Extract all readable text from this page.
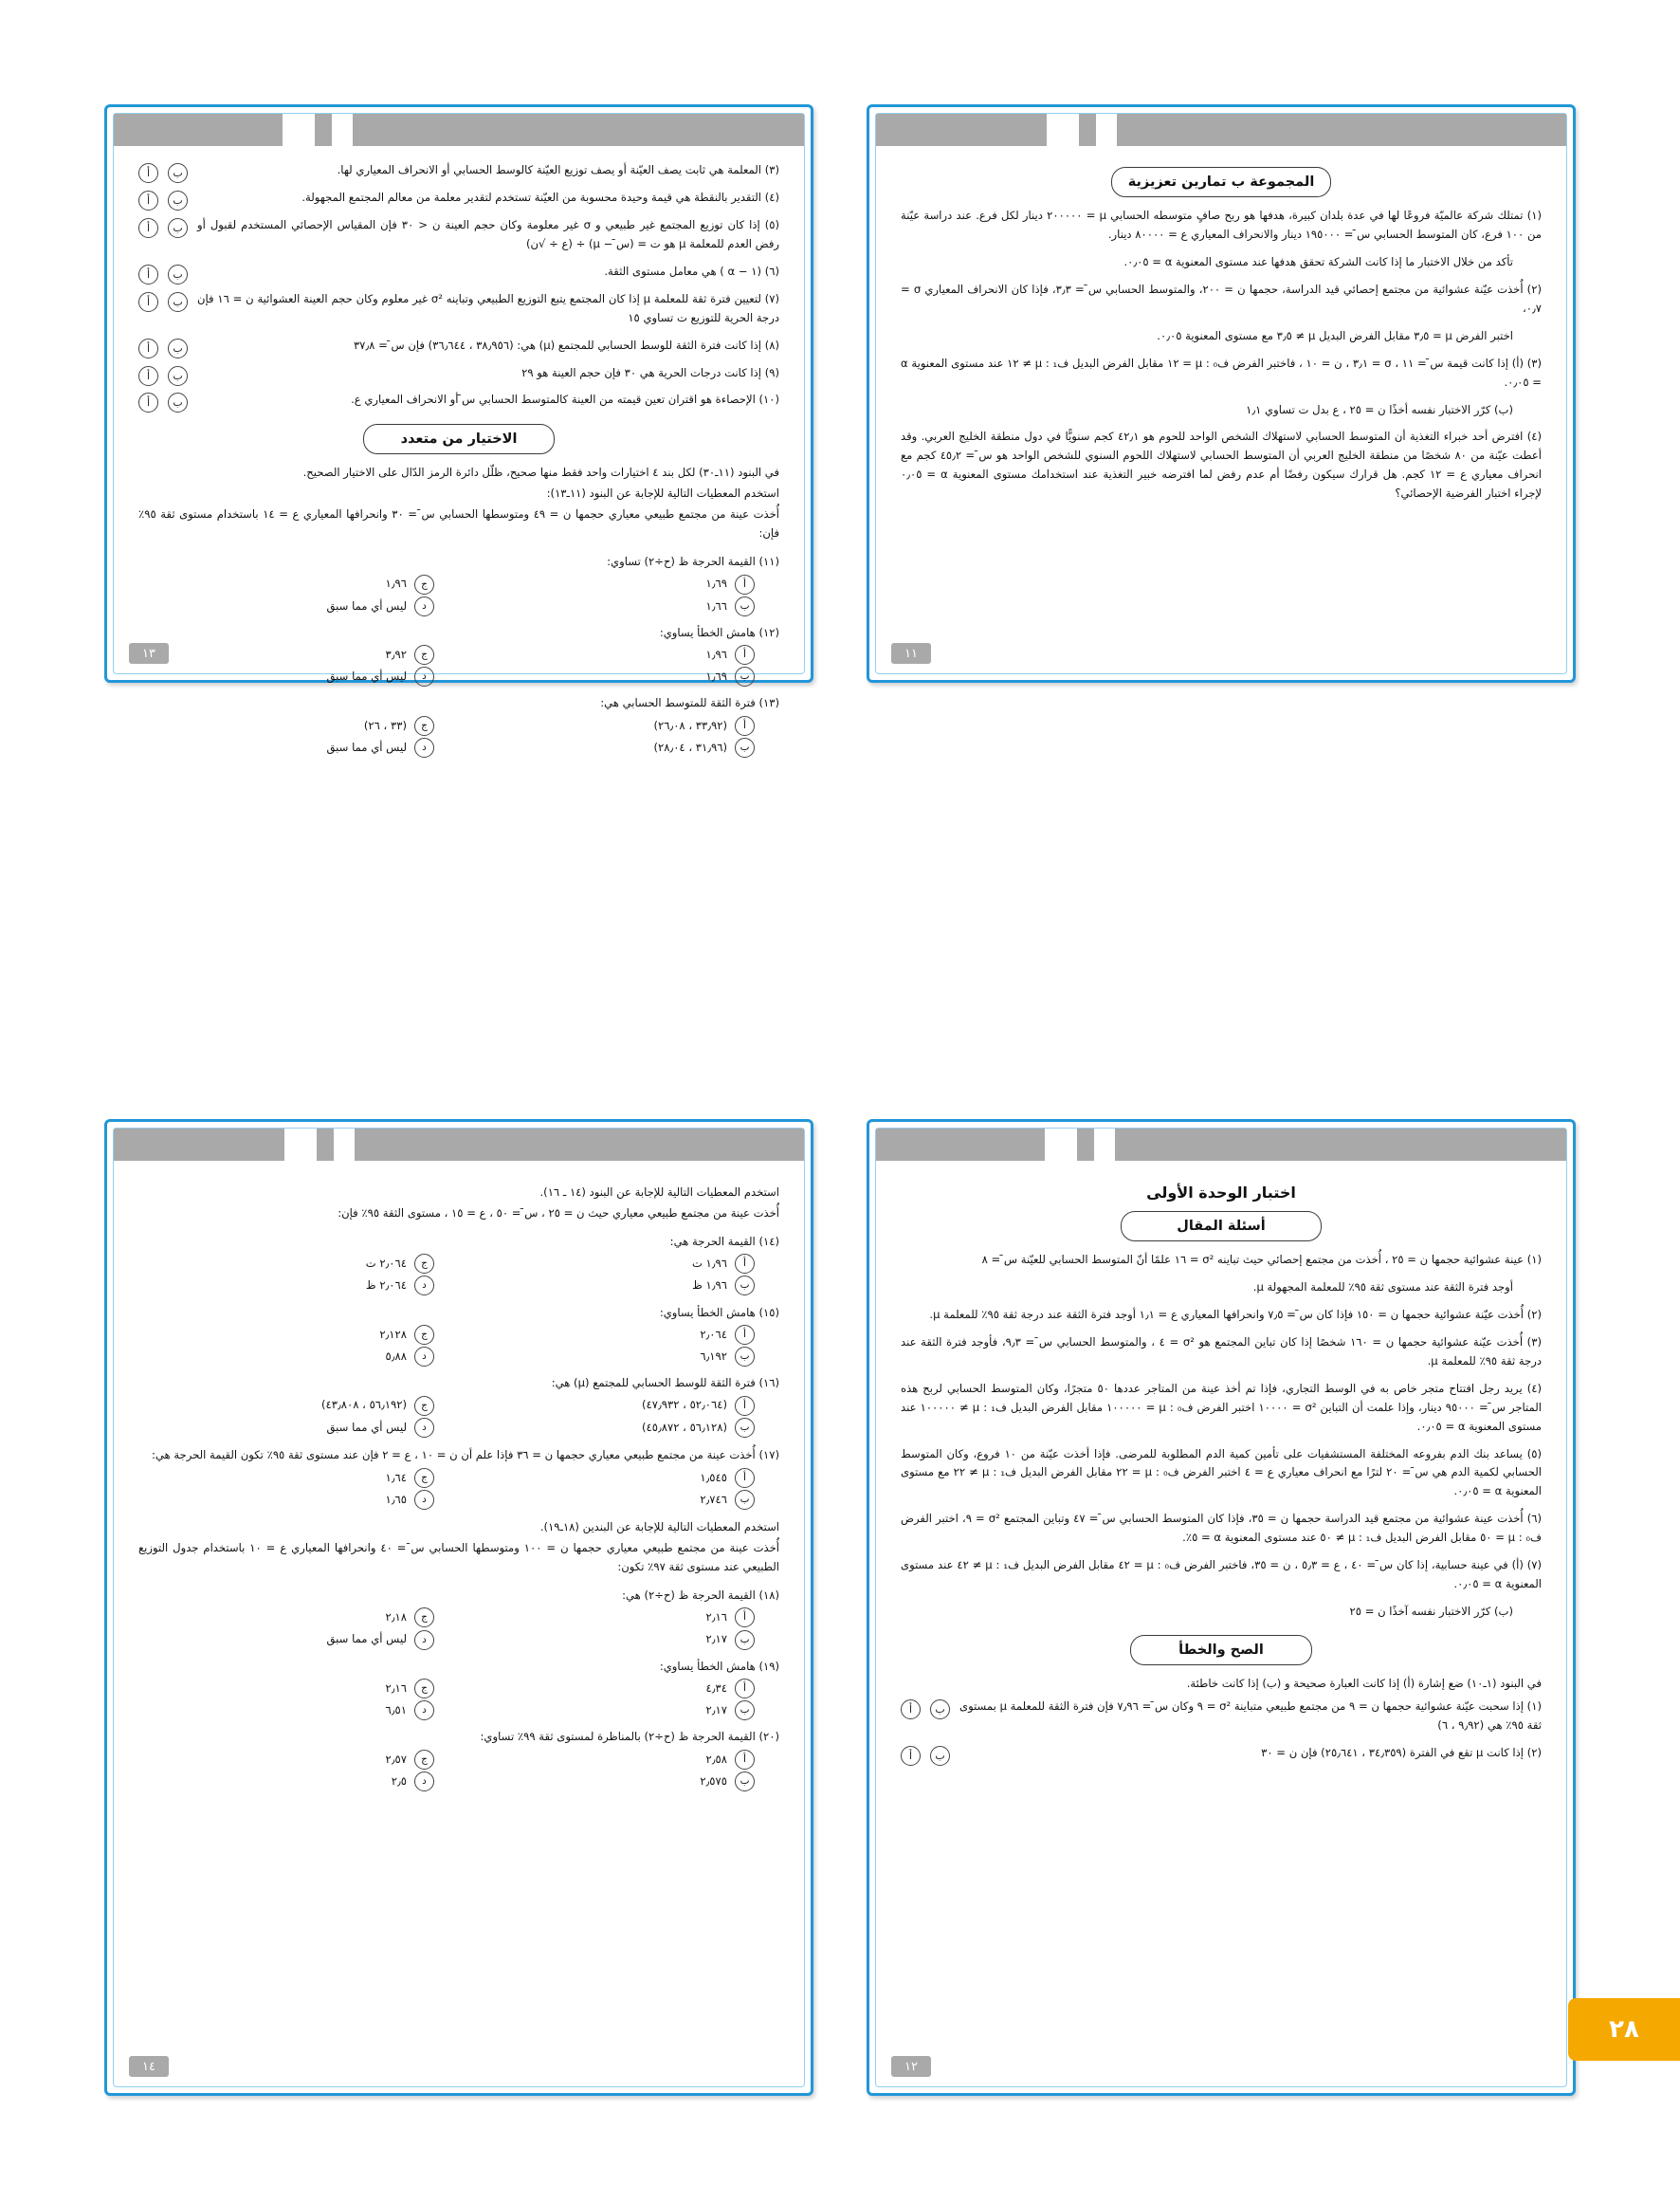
المجموعة ب تمارين تعزيزية

(١) تمتلك شركة عالميّة فروعًا لها في عدة بلدان كبيرة، هدفها هو ربح صافٍ متوسطه الحسابي μ = ٢٠٠٠٠٠ دينار لكل فرع. عند دراسة عيّنة من ١٠٠ فرع، كان المتوسط الحسابي س̄ = ١٩٥٠٠٠ دينار والانحراف المعياري ع = ٨٠٠٠٠ دينار.

تأكد من خلال الاختبار ما إذا كانت الشركة تحقق هدفها عند مستوى المعنوية α = ٠٫٠٥.

(٢) أُخذت عيّنة عشوائية من مجتمع إحصائي قيد الدراسة، حجمها ن = ٢٠٠، والمتوسط الحسابي س̄ = ٣٫٣، فإذا كان الانحراف المعياري σ = ٠٫٧،

اختبر الفرض μ = ٣٫٥ مقابل الفرض البديل μ ≠ ٣٫٥ مع مستوى المعنوية ٠٫٠٥.

(٣) (أ) إذا كانت قيمة س̄ = ١١ ، σ = ٣٫١ ، ن = ١٠ ، فاختبر الفرض ف₀ : μ = ١٢ مقابل الفرض البديل ف₁ : μ ≠ ١٢ عند مستوى المعنوية α = ٠٫٠٥.

(ب) كرّر الاختبار نفسه أخذًا ن = ٢٥ ، ع بدل ت تساوي ١٫١

(٤) افترض أحد خبراء التغذية أن المتوسط الحسابي لاستهلاك الشخص الواحد للحوم هو ٤٢٫١ كجم سنويًّا في دول منطقة الخليج العربي. وقد أعطت عيّنة من ٨٠ شخصًا من منطقة الخليج العربي أن المتوسط الحسابي لاستهلاك اللحوم السنوي للشخص الواحد هو س̄ = ٤٥٫٢ كجم مع انحراف معياري ع = ١٢ كجم. هل قرارك سيكون رفضًا أم عدم رفض لما افترضه خبير التغذية عند استخدامك مستوى المعنوية α = ٠٫٠٥ لإجراء اختبار الفرضية الإحصائي؟

١١
(٣) المعلمة هي ثابت يصف العيّنة أو يصف توزيع العيّنة كالوسط الحسابي أو الانحراف المعياري لها.
ب
أ
(٤) التقدير بالنقطة هي قيمة وحيدة محسوبة من العيّنة تستخدم لتقدير معلمة من معالم المجتمع المجهولة.
ب
أ
(٥) إذا كان توزيع المجتمع غير طبيعي و σ غير معلومة وكان حجم العينة ن < ٣٠ فإن المقياس الإحصائي المستخدم لقبول أو رفض العدم للمعلمة μ هو ت = (س̄ − μ) ÷ (ع ÷ √ن)
ب
أ
(٦) (١ − α ) هي معامل مستوى الثقة.
ب
أ
(٧) لتعيين فترة ثقة للمعلمة μ إذا كان المجتمع يتبع التوزيع الطبيعي وتباينه σ² غير معلوم وكان حجم العينة العشوائية ن = ١٦ فإن درجة الحرية للتوزيع ت تساوي ١٥
ب
أ
(٨) إذا كانت فترة الثقة للوسط الحسابي للمجتمع (μ) هي: (٣٨٫٩٥٦ ، ٣٦٫٦٤٤) فإن س̄ = ٣٧٫٨
ب
أ
(٩) إذا كانت درجات الحرية هي ٣٠ فإن حجم العينة هو ٢٩
ب
أ
(١٠) الإحصاءة هو اقتران تعين قيمته من العينة كالمتوسط الحسابي س̄ أو الانحراف المعياري ع.
ب
أ
الاختيار من متعدد

في البنود (١١ـ٣٠) لكل بند ٤ اختيارات واحد فقط منها صحيح، ظلّل دائرة الرمز الدّال على الاختيار الصحيح.

استخدم المعطيات التالية للإجابة عن البنود (١١ـ١٣):

أُخذت عينة من مجتمع طبيعي معياري حجمها ن = ٤٩ ومتوسطها الحسابي س̄ = ٣٠ وانحرافها المعياري ع = ١٤ باستخدام مستوى ثقة ٩٥٪ فإن:

(١١) القيمة الحرجة ظ (ح÷٢) تساوي:
أ
١٫٦٩
ج
١٫٩٦
ب
١٫٦٦
د
ليس أي مما سبق
(١٢) هامش الخطأ يساوي:
أ
١٫٩٦
ج
٣٫٩٢
ب
١٫٦٩
د
ليس أي مما سبق
(١٣) فترة الثقة للمتوسط الحسابي هي:
أ
(٣٣٫٩٢ ، ٢٦٫٠٨)
ج
(٣٣ ، ٢٦)
ب
(٣١٫٩٦ ، ٢٨٫٠٤)
د
ليس أي مما سبق
١٣
اختبار الوحدة الأولى
أسئلة المقال

(١) عينة عشوائية حجمها ن = ٢٥ ، أُخذت من مجتمع إحصائي حيث تباينه σ² = ١٦ علمًا أنّ المتوسط الحسابي للعيّنة س̄ = ٨

أوجد فترة الثقة عند مستوى ثقة ٩٥٪ للمعلمة المجهولة μ.

(٢) أُخذت عيّنة عشوائية حجمها ن = ١٥٠ فإذا كان س̄ = ٧٫٥ وانحرافها المعياري ع = ١٫١ أوجد فترة الثقة عند درجة ثقة ٩٥٪ للمعلمة μ.

(٣) أُخذت عيّنة عشوائية حجمها ن = ١٦٠ شخصًا إذا كان تباين المجتمع هو σ² = ٤ ، والمتوسط الحسابي س̄ = ٩٫٣، فأوجد فترة الثقة عند درجة ثقة ٩٥٪ للمعلمة μ.

(٤) يريد رجل افتتاح متجر خاص به في الوسط التجاري، فإذا تم أخذ عينة من المتاجر عددها ٥٠ متجرًا، وكان المتوسط الحسابي لربح هذه المتاجر س̄ = ٩٥٠٠٠ دينار، وإذا علمت أن التباين σ² = ١٠٠٠٠ اختبر الفرض ف₀ : μ = ١٠٠٠٠٠ مقابل الفرض البديل ف₁ : μ ≠ ١٠٠٠٠٠ عند مستوى المعنوية α = ٠٫٠٥.

(٥) يساعد بنك الدم بفروعه المختلفة المستشفيات على تأمين كمية الدم المطلوبة للمرضى. فإذا أخذت عيّنة من ١٠ فروع، وكان المتوسط الحسابي لكمية الدم هي س̄ = ٢٠ لترًا مع انحراف معياري ع = ٤ اختبر الفرض ف₀ : μ = ٢٢ مقابل الفرض البديل ف₁ : μ ≠ ٢٢ مع مستوى المعنوية α = ٠٫٠٥.

(٦) أُخذت عينة عشوائية من مجتمع قيد الدراسة حجمها ن = ٣٥، فإذا كان المتوسط الحسابي س̄ = ٤٧ وتباين المجتمع σ² = ٩، اختبر الفرض ف₀ : μ = ٥٠ مقابل الفرض البديل ف₁ : μ ≠ ٥٠ عند مستوى المعنوية α = ٥٪.

(٧) (أ) في عينة حسابية، إذا كان س̄ = ٤٠ ، ع = ٥٫٣ ، ن = ٣٥، فاختبر الفرض ف₀ : μ = ٤٢ مقابل الفرض البديل ف₁ : μ ≠ ٤٢ عند مستوى المعنوية α = ٠٫٠٥.

(ب) كرّر الاختبار نفسه آخذًا ن = ٢٥

الصح والخطأ

في البنود (١ـ١٠) ضع إشارة (أ) إذا كانت العبارة صحيحة و (ب) إذا كانت خاطئة.

(١) إذا سحبت عيّنة عشوائية حجمها ن = ٩ من مجتمع طبيعي متباينة σ² = ٩ وكان س̄ = ٧٫٩٦ فإن فترة الثقة للمعلمة μ بمستوى ثقة ٩٥٪ هي (٩٫٩٢ ، ٦)
ب
أ
(٢) إذا كانت μ تقع في الفترة (٣٤٫٣٥٩ ، ٢٥٫٦٤١) فإن ن = ٣٠
ب
أ
١٢

استخدم المعطيات التالية للإجابة عن البنود (١٤ ـ ١٦).

أُخذت عينة من مجتمع طبيعي معياري حيث ن = ٢٥ ، س̄ = ٥٠ ، ع = ١٥ ، مستوى الثقة ٩٥٪ فإن:

(١٤) القيمة الحرجة هي:
أ
١٫٩٦ ت
ج
٢٫٠٦٤ ت
ب
١٫٩٦ ظ
د
٢٫٠٦٤ ظ
(١٥) هامش الخطأ يساوي:
أ
٢٫٠٦٤
ج
٢٫١٢٨
ب
٦٫١٩٢
د
٥٫٨٨
(١٦) فترة الثقة للوسط الحسابي للمجتمع (μ) هي:
أ
(٥٢٫٠٦٤ ، ٤٧٫٩٣٢)
ج
(٥٦٫١٩٢ ، ٤٣٫٨٠٨)
ب
(٥٦٫١٢٨ ، ٤٥٫٨٧٢)
د
ليس أي مما سبق

(١٧) أُخذت عينة من مجتمع طبيعي معياري حجمها ن = ٣٦ فإذا علم أن ن = ١٠ ، ع = ٢ فإن عند مستوى ثقة ٩٥٪ تكون القيمة الحرجة هي:

أ
١٫٥٤٥
ج
١٫٦٤
ب
٢٫٧٤٦
د
١٫٦٥

استخدم المعطيات التالية للإجابة عن البندين (١٨ـ١٩).

أُخذت عينة من مجتمع طبيعي معياري حجمها ن = ١٠٠ ومتوسطها الحسابي س̄ = ٤٠ وانحرافها المعياري ع = ١٠ باستخدام جدول التوزيع الطبيعي عند مستوى ثقة ٩٧٪ تكون:

(١٨) القيمة الحرجة ظ (ح÷٢) هي:
أ
٢٫١٦
ج
٢٫١٨
ب
٢٫١٧
د
ليس أي مما سبق
(١٩) هامش الخطأ يساوي:
أ
٤٫٣٤
ج
٢٫١٦
ب
٢٫١٧
د
٦٫٥١
(٢٠) القيمة الحرجة ظ (ح÷٢) بالمناظرة لمستوى ثقة ٩٩٪ تساوي:
أ
٢٫٥٨
ج
٢٫٥٧
ب
٢٫٥٧٥
د
٢٫٥
١٤
٢٨
